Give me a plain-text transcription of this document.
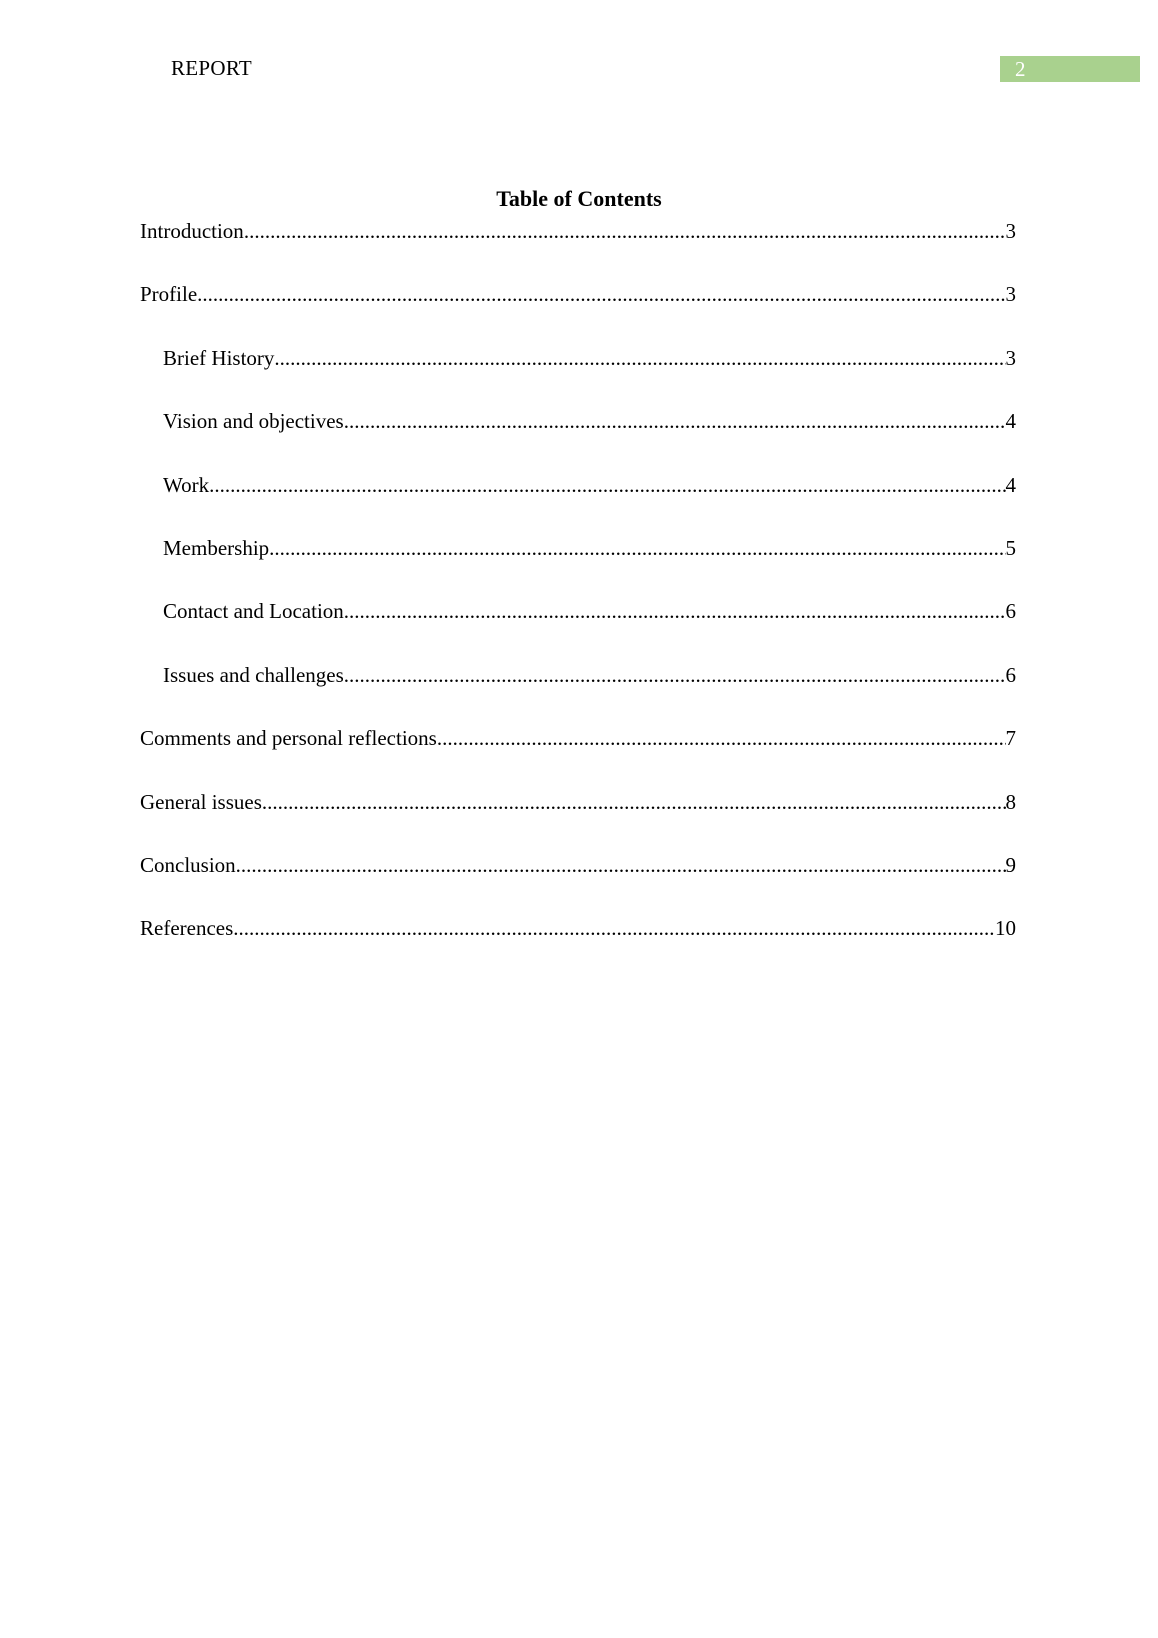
REPORT	2
Table of Contents
Introduction .....	3
Profile .....	3
Brief History .....	3
Vision and objectives .....	4
Work .....	4
Membership .....	5
Contact and Location .....	6
Issues and challenges .....	6
Comments and personal reflections .....	7
General issues .....	8
Conclusion .....	9
References .....	10
